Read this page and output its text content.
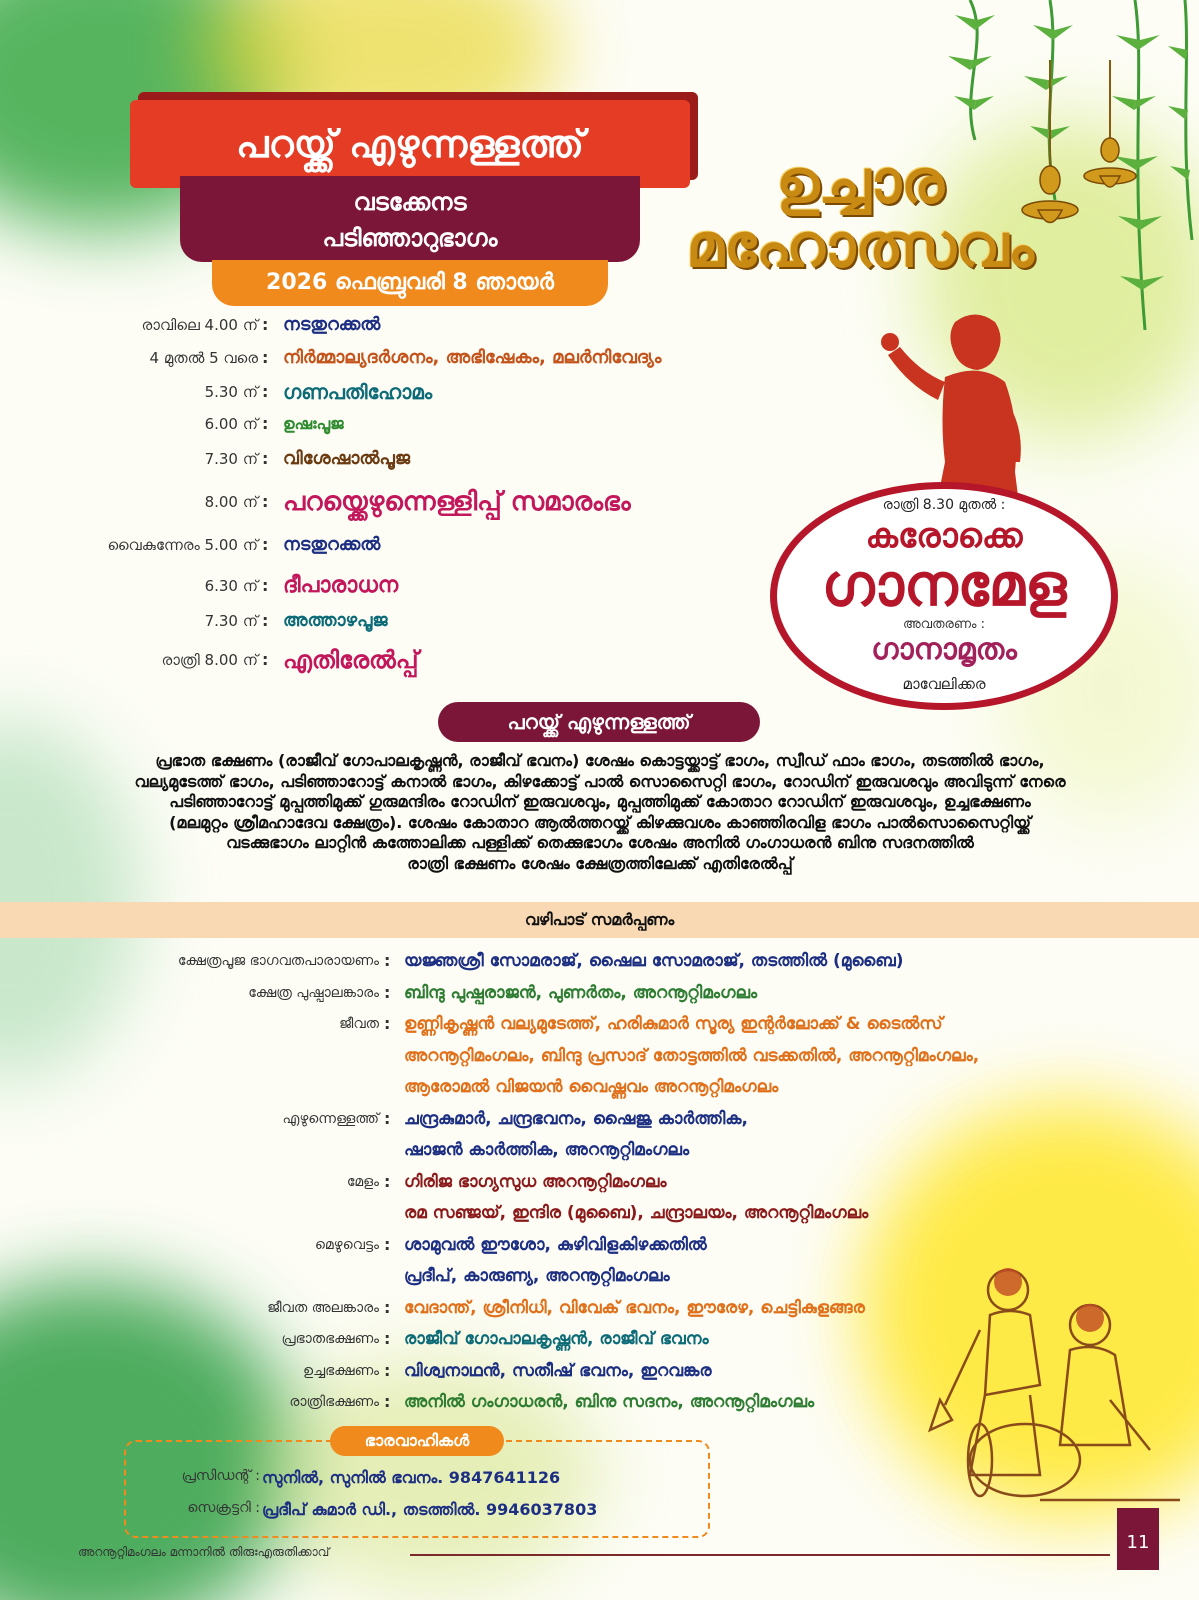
പറയ്ക്ക് എഴുന്നള്ളത്ത്
വടക്കേനട
പടിഞ്ഞാറുഭാഗം
2026 ഫെബ്രുവരി 8 ഞായർ
ഉച്ചാര
മഹോത്സവം
രാവിലെ 4.00 ന് : നടതുറക്കൽ
4 മുതൽ 5 വരെ : നിർമ്മാല്യദർശനം, അഭിഷേകം, മലർനിവേദ്യം
5.30 ന് : ഗണപതിഹോമം
6.00 ന് : ഉഷഃപൂജ
7.30 ന് : വിശേഷാൽപൂജ
8.00 ന് : പറയ്ക്കെഴുന്നെള്ളിപ്പ് സമാരംഭം
വൈകുന്നേരം 5.00 ന് : നടതുറക്കൽ
6.30 ന് : ദീപാരാധന
7.30 ന് : അത്താഴപൂജ
രാത്രി 8.00 ന് : എതിരേൽപ്പ്
രാത്രി 8.30 മുതൽ :
കരോക്കെ
ഗാനമേള
അവതരണം :
ഗാനാമൃതം
മാവേലിക്കര
പറയ്ക്ക് എഴുന്നള്ളത്ത്
പ്രഭാത ഭക്ഷണം (രാജീവ് ഗോപാലകൃഷ്ണൻ, രാജീവ് ഭവനം) ശേഷം കൊട്ടയ്ക്കാട്ട് ഭാഗം, സ്വീഡ് ഫാം ഭാഗം, തടത്തിൽ ഭാഗം,
വല്യമുടേത്ത് ഭാഗം, പടിഞ്ഞാറോട്ട് കനാൽ ഭാഗം, കിഴക്കോട്ട് പാൽ സൊസൈറ്റി ഭാഗം, റോഡിന് ഇരുവശവും അവിടുന്ന് നേരെ
പടിഞ്ഞാറോട്ട് മുപ്പത്തിമുക്ക് ഗുരുമന്ദിരം റോഡിന് ഇരുവശവും, മുപ്പത്തിമുക്ക് കോതാറ റോഡിന് ഇരുവശവും, ഉച്ചഭക്ഷണം
(മലമുറ്റം ശ്രീമഹാദേവ ക്ഷേത്രം). ശേഷം കോതാറ ആൽത്തറയ്ക്ക് കിഴക്കുവശം കാഞ്ഞിരവിള ഭാഗം പാൽസൊസൈറ്റിയ്ക്ക്
വടക്കുഭാഗം ലാറ്റിൻ കത്തോലിക്ക പള്ളിക്ക് തെക്കുഭാഗം ശേഷം അനിൽ ഗംഗാധരൻ ബിനു സദനത്തിൽ
രാത്രി ഭക്ഷണം ശേഷം ക്ഷേത്രത്തിലേക്ക് എതിരേൽപ്പ്
വഴിപാട് സമർപ്പണം
ക്ഷേത്രപൂജ ഭാഗവതപാരായണം : യജ്ഞശ്രീ സോമരാജ്, ഷൈല സോമരാജ്, തടത്തിൽ (മുബൈ)
ക്ഷേത്ര പുഷ്പാലങ്കാരം : ബിന്ദു പുഷ്പരാജൻ, പുണർതം, അറനൂറ്റിമംഗലം
ജീവത : ഉണ്ണികൃഷ്ണൻ വല്യമുടേത്ത്, ഹരികുമാർ സൂര്യ ഇന്റർലോക്ക് & ടൈൽസ്
അറനൂറ്റിമംഗലം, ബിന്ദു പ്രസാദ് തോട്ടത്തിൽ വടക്കതിൽ, അറനൂറ്റിമംഗലം,
ആരോമൽ വിജയൻ വൈഷ്ണവം അറനൂറ്റിമംഗലം
എഴുന്നെള്ളത്ത് : ചന്ദ്രകുമാർ, ചന്ദ്രഭവനം, ഷൈജു കാർത്തിക,
ഷാജൻ കാർത്തിക, അറനൂറ്റിമംഗലം
മേളം : ഗിരിജ ഭാഗ്യസുധ അറനൂറ്റിമംഗലം
രമ സഞ്ജയ്, ഇന്ദിര (മുബൈ), ചന്ദ്രാലയം, അറനൂറ്റിമംഗലം
മെഴുവെട്ടം : ശാമുവൽ ഈശോ, കുഴിവിളകിഴക്കതിൽ
പ്രദീപ്, കാരുണ്യ, അറനൂറ്റിമംഗലം
ജീവത അലങ്കാരം : വേദാന്ത്, ശ്രീനിധി, വിവേക് ഭവനം, ഈരേഴ, ചെട്ടികുളങ്ങര
പ്രഭാതഭക്ഷണം : രാജീവ് ഗോപാലകൃഷ്ണൻ, രാജീവ് ഭവനം
ഉച്ചഭക്ഷണം : വിശ്വനാഥൻ, സതീഷ് ഭവനം, ഇറവങ്കര
രാത്രിഭക്ഷണം : അനിൽ ഗംഗാധരൻ, ബിനു സദനം, അറനൂറ്റിമംഗലം
ഭാരവാഹികൾ
പ്രസിഡന്റ് : സുനിൽ, സുനിൽ ഭവനം. 9847641126
സെക്രട്ടറി : പ്രദീപ് കുമാർ ഡി., തടത്തിൽ. 9946037803
അറനൂറ്റിമംഗലം മന്നാനിൽ തിരുഃഎരുതിക്കാവ്	11
